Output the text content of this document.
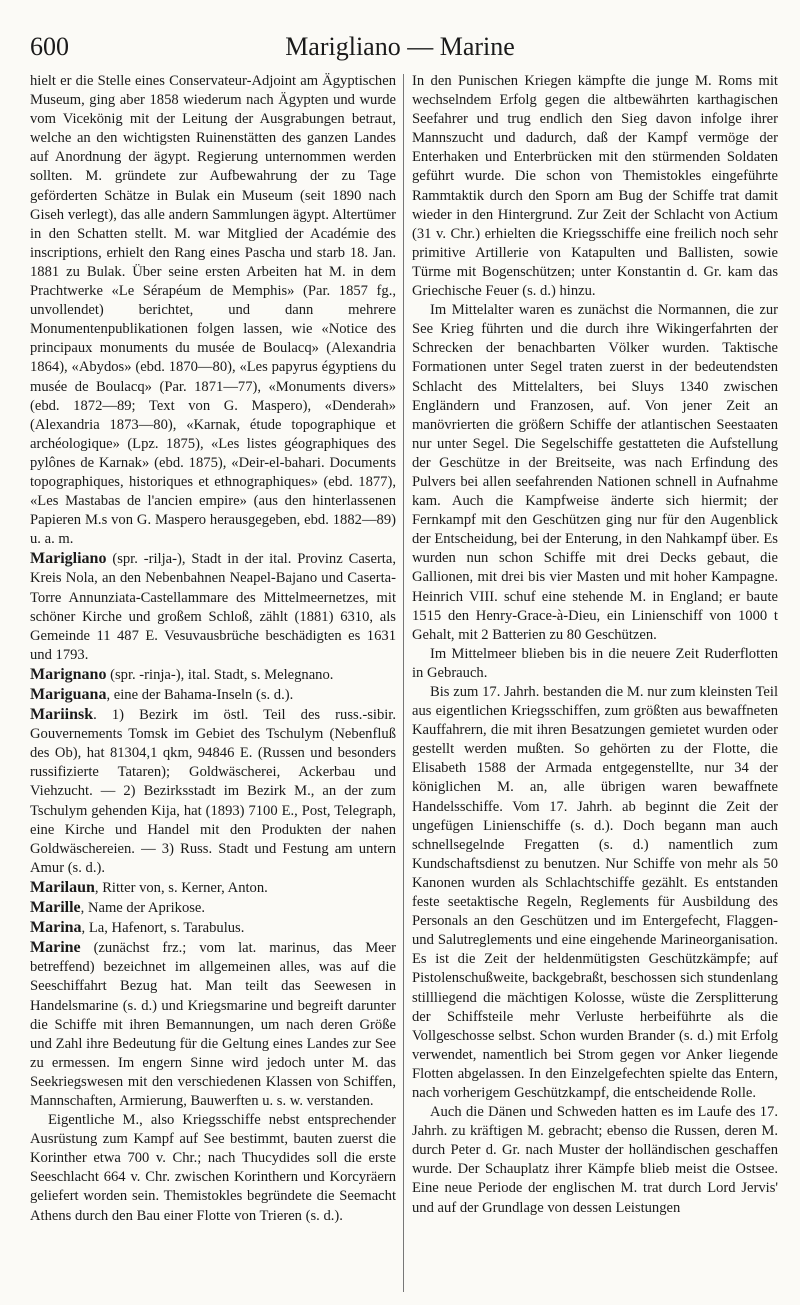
600	Marigliano — Marine

hielt er die Stelle eines Conservateur-Adjoint am Ägyptischen Museum, ging aber 1858 wiederum nach Ägypten und wurde vom Vicekönig mit der Leitung der Ausgrabungen betraut, welche an den wichtigsten Ruinenstätten des ganzen Landes auf Anordnung der ägypt. Regierung unternommen werden sollten. M. gründete zur Aufbewahrung der zu Tage geförderten Schätze in Bulak ein Museum (seit 1890 nach Giseh verlegt), das alle andern Sammlungen ägypt. Altertümer in den Schatten stellt. M. war Mitglied der Académie des inscriptions, erhielt den Rang eines Pascha und starb 18. Jan. 1881 zu Bulak. Über seine ersten Arbeiten hat M. in dem Prachtwerke «Le Sérapéum de Memphis» (Par. 1857 fg., unvollendet) berichtet, und dann mehrere Monumentenpublikationen folgen lassen, wie «Notice des principaux monuments du musée de Boulacq» (Alexandria 1864), «Abydos» (ebd. 1870—80), «Les papyrus égyptiens du musée de Boulacq» (Par. 1871—77), «Monuments divers» (ebd. 1872—89; Text von G. Maspero), «Denderah» (Alexandria 1873—80), «Karnak, étude topographique et archéologique» (Lpz. 1875), «Les listes géographiques des pylônes de Karnak» (ebd. 1875), «Deir-el-bahari. Documents topographiques, historiques et ethnographiques» (ebd. 1877), «Les Mastabas de l'ancien empire» (aus den hinterlassenen Papieren M.s von G. Maspero herausgegeben, ebd. 1882—89) u. a. m.

Marigliano (spr. -rilja-), Stadt in der ital. Provinz Caserta, Kreis Nola, an den Nebenbahnen Neapel-Bajano und Caserta-Torre Annunziata-Castellammare des Mittelmeernetzes, mit schöner Kirche und großem Schloß, zählt (1881) 6310, als Gemeinde 11 487 E. Vesuvausbrüche beschädigten es 1631 und 1793.

Marignano (spr. -rinja-), ital. Stadt, s. Melegnano.

Mariguana, eine der Bahama-Inseln (s. d.).

Mariinsk. 1) Bezirk im östl. Teil des russ.-sibir. Gouvernements Tomsk im Gebiet des Tschulym (Nebenfluß des Ob), hat 81304,1 qkm, 94846 E. (Russen und besonders russifizierte Tataren); Goldwäscherei, Ackerbau und Viehzucht. — 2) Bezirksstadt im Bezirk M., an der zum Tschulym gehenden Kija, hat (1893) 7100 E., Post, Telegraph, eine Kirche und Handel mit den Produkten der nahen Goldwäschereien. — 3) Russ. Stadt und Festung am untern Amur (s. d.).

Marilaun, Ritter von, s. Kerner, Anton.

Marille, Name der Aprikose.

Marina, La, Hafenort, s. Tarabulus.

Marine (zunächst frz.; vom lat. marinus, das Meer betreffend) bezeichnet im allgemeinen alles, was auf die Seeschiffahrt Bezug hat. Man teilt das Seewesen in Handelsmarine (s. d.) und Kriegsmarine und begreift darunter die Schiffe mit ihren Bemannungen, um nach deren Größe und Zahl ihre Bedeutung für die Geltung eines Landes zur See zu ermessen. Im engern Sinne wird jedoch unter M. das Seekriegswesen mit den verschiedenen Klassen von Schiffen, Mannschaften, Armierung, Bauwerften u. s. w. verstanden.

Eigentliche M., also Kriegsschiffe nebst entsprechender Ausrüstung zum Kampf auf See bestimmt, bauten zuerst die Korinther etwa 700 v. Chr.; nach Thucydides soll die erste Seeschlacht 664 v. Chr. zwischen Korinthern und Korcyräern geliefert worden sein. Themistokles begründete die Seemacht Athens durch den Bau einer Flotte von Trieren (s. d.).

In den Punischen Kriegen kämpfte die junge M. Roms mit wechselndem Erfolg gegen die altbewährten karthagischen Seefahrer und trug endlich den Sieg davon infolge ihrer Mannszucht und dadurch, daß der Kampf vermöge der Enterhaken und Enterbrücken mit den stürmenden Soldaten geführt wurde. Die schon von Themistokles eingeführte Rammtaktik durch den Sporn am Bug der Schiffe trat damit wieder in den Hintergrund. Zur Zeit der Schlacht von Actium (31 v. Chr.) erhielten die Kriegsschiffe eine freilich noch sehr primitive Artillerie von Katapulten und Ballisten, sowie Türme mit Bogenschützen; unter Konstantin d. Gr. kam das Griechische Feuer (s. d.) hinzu.

Im Mittelalter waren es zunächst die Normannen, die zur See Krieg führten und die durch ihre Wikingerfahrten der Schrecken der benachbarten Völker wurden. Taktische Formationen unter Segel traten zuerst in der bedeutendsten Schlacht des Mittelalters, bei Sluys 1340 zwischen Engländern und Franzosen, auf. Von jener Zeit an manövrierten die größern Schiffe der atlantischen Seestaaten nur unter Segel. Die Segelschiffe gestatteten die Aufstellung der Geschütze in der Breitseite, was nach Erfindung des Pulvers bei allen seefahrenden Nationen schnell in Aufnahme kam. Auch die Kampfweise änderte sich hiermit; der Fernkampf mit den Geschützen ging nur für den Augenblick der Entscheidung, bei der Enterung, in den Nahkampf über. Es wurden nun schon Schiffe mit drei Decks gebaut, die Gallionen, mit drei bis vier Masten und mit hoher Kampagne. Heinrich VIII. schuf eine stehende M. in England; er baute 1515 den Henry-Grace-à-Dieu, ein Linienschiff von 1000 t Gehalt, mit 2 Batterien zu 80 Geschützen.

Im Mittelmeer blieben bis in die neuere Zeit Ruderflotten in Gebrauch.

Bis zum 17. Jahrh. bestanden die M. nur zum kleinsten Teil aus eigentlichen Kriegsschiffen, zum größten aus bewaffneten Kauffahrern, die mit ihren Besatzungen gemietet wurden oder gestellt werden mußten. So gehörten zu der Flotte, die Elisabeth 1588 der Armada entgegenstellte, nur 34 der königlichen M. an, alle übrigen waren bewaffnete Handelsschiffe. Vom 17. Jahrh. ab beginnt die Zeit der ungefügen Linienschiffe (s. d.). Doch begann man auch schnellsegelnde Fregatten (s. d.) namentlich zum Kundschaftsdienst zu benutzen. Nur Schiffe von mehr als 50 Kanonen wurden als Schlachtschiffe gezählt. Es entstanden feste seetaktische Regeln, Reglements für Ausbildung des Personals an den Geschützen und im Entergefecht, Flaggen- und Salutreglements und eine eingehende Marineorganisation. Es ist die Zeit der heldenmütigsten Geschützkämpfe; auf Pistolenschußweite, backgebraßt, beschossen sich stundenlang stillliegend die mächtigen Kolosse, wüste die Zersplitterung der Schiffsteile mehr Verluste herbeiführte als die Vollgeschosse selbst. Schon wurden Brander (s. d.) mit Erfolg verwendet, namentlich bei Strom gegen vor Anker liegende Flotten abgelassen. In den Einzelgefechten spielte das Entern, nach vorherigem Geschützkampf, die entscheidende Rolle.

Auch die Dänen und Schweden hatten es im Laufe des 17. Jahrh. zu kräftigen M. gebracht; ebenso die Russen, deren M. durch Peter d. Gr. nach Muster der holländischen geschaffen wurde. Der Schauplatz ihrer Kämpfe blieb meist die Ostsee. Eine neue Periode der englischen M. trat durch Lord Jervis' und auf der Grundlage von dessen Leistungen
